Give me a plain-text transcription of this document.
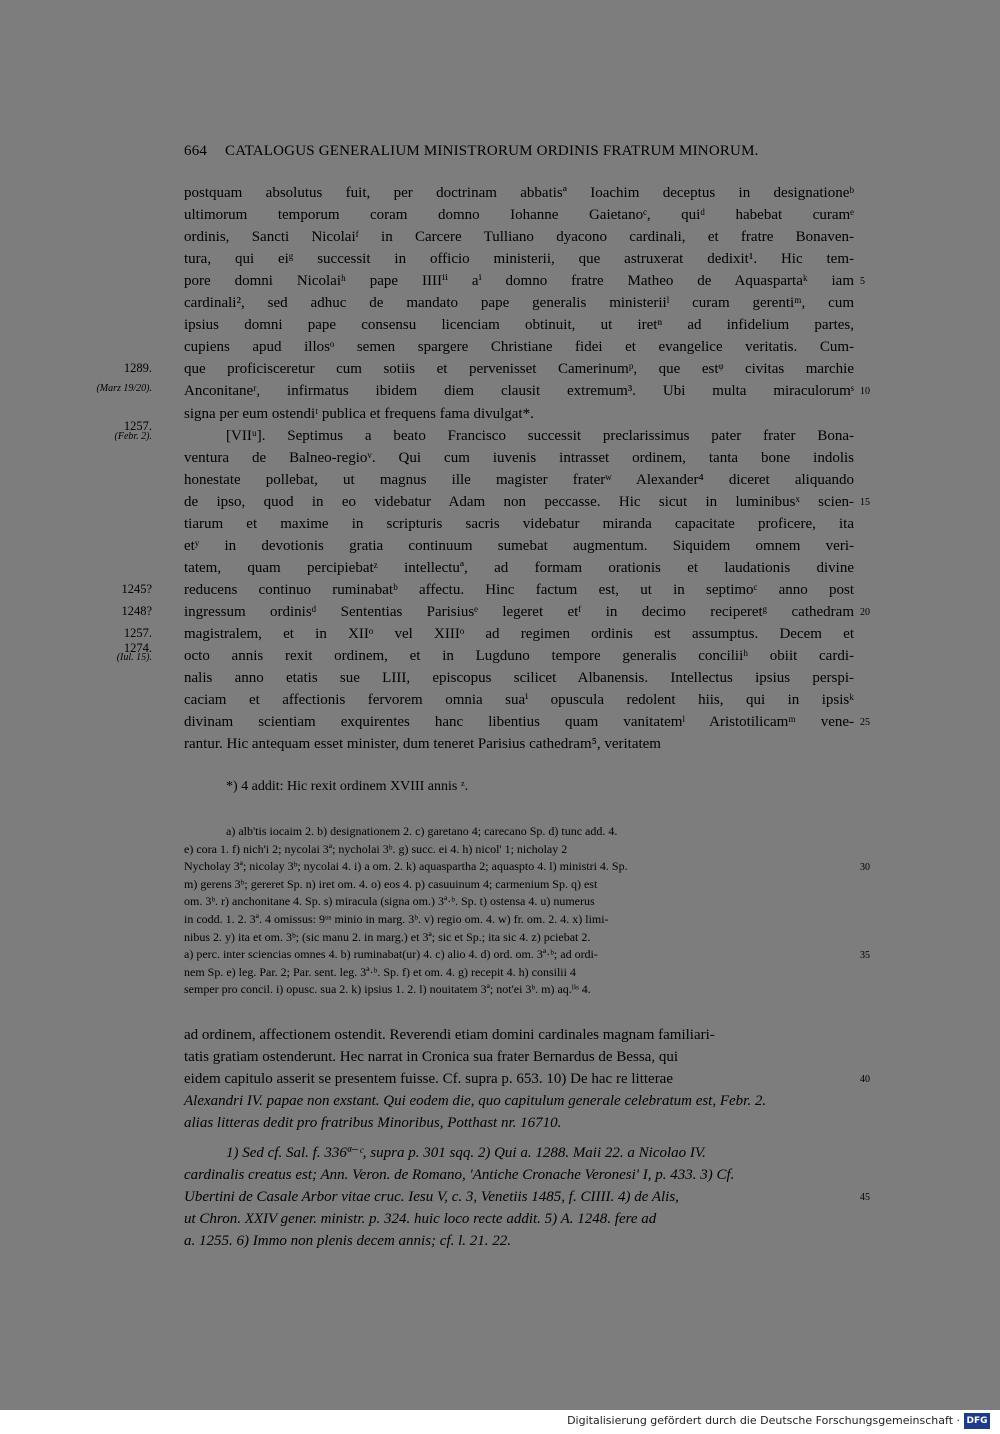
664 CATALOGUS GENERALIUM MINISTRORUM ORDINIS FRATRUM MINORUM.
postquam absolutus fuit, per doctrinam abbatisª Ioachim deceptus in designationeᵇ
ultimorum temporum coram domno Iohanne Gaietanoᶜ, quiᵈ habebat curamᵉ
ordinis, Sancti Nicolaiᶠ in Carcere Tulliano dyacono cardinali, et fratre Bonaven-
tura, qui eiᵍ successit in officio ministerii, que astruxerat dedixit¹. Hic tem-
pore domni Nicolaiʰ pape IIIIⁱⁱ aⁱ domno fratre Matheo de Aquaspartaᵏ iam
cardinali², sed adhuc de mandato pape generalis ministeriiˡ curam gerentiᵐ, cum
ipsius domni pape consensu licenciam obtinuit, ut iretⁿ ad infidelium partes,
cupiens apud illosᵒ semen spargere Christiane fidei et evangelice veritatis. Cum-
que proficisceretur cum sotiis et pervenisset Camerinumᵖ, que estᵠ civitas marchie
Anconitaneʳ, infirmatus ibidem diem clausit extremum³. Ubi multa miraculorumˢ
signa per eum ostendiᵗ publica et frequens fama divulgat*.
[VIIᵘ]. Septimus a beato Francisco successit preclarissimus pater frater Bona-
ventura de Balneo-regioᵛ. Qui cum iuvenis intrasset ordinem, tanta bone indolis
honestate pollebat, ut magnus ille magister fraterʷ Alexander⁴ diceret aliquando
de ipso, quod in eo videbatur Adam non peccasse. Hic sicut in luminibusˣ scien-
tiarum et maxime in scripturis sacris videbatur miranda capacitate proficere, ita
etʸ in devotionis gratia continuum sumebat augmentum. Siquidem omnem veri-
tatem, quam percipiebatᶻ intellectuª, ad formam orationis et laudationis divine
reducens continuo ruminabatᵇ affectu. Hinc factum est, ut in septimoᶜ anno post
ingressum ordinisᵈ Sententias Parisiusᵉ legeret etᶠ in decimo reciperetᵍ cathedram
magistralem, et in XIIᵒ vel XIIIᵒ ad regimen ordinis est assumptus. Decem et
octo annis rexit ordinem, et in Lugduno tempore generalis conciliiʰ obiit cardi-
nalis anno etatis sue LIII, episcopus scilicet Albanensis. Intellectus ipsius perspi-
caciam et affectionis fervorem omnia suaⁱ opuscula redolent hiis, qui in ipsisᵏ
divinam scientiam exquirentes hanc libentius quam vanitatemˡ Aristotilicamᵐ vene-
rantur. Hic antequam esset minister, dum teneret Parisius cathedram⁵, veritatem
1289.
(Marz 19/20).
1257.
(Febr. 2).
1245?
1248?
1257.
1274.
(Iul. 15).
5
10
15
20
25
*) 4 addit: Hic rexit ordinem XVIII annis ᶻ.
a) alb'tis iocaim 2. b) designationem 2. c) garetano 4; carecano Sp. d) tunc add. 4.
e) cora 1. f) nich'i 2; nycolai 3ª; nycholai 3ᵇ. g) succ. ei 4. h) nicol' 1; nicholay 2
Nycholay 3ª; nicolay 3ᵇ; nycolai 4. i) a om. 2. k) aquaspartha 2; aquaspto 4. l) ministri 4. Sp.
m) gerens 3ᵇ; gereret Sp. n) iret om. 4. o) eos 4. p) casuuinum 4; carmenium Sp. q) est
om. 3ᵇ. r) anchonitane 4. Sp. s) miracula (signa om.) 3ª·ᵇ. Sp. t) ostensa 4. u) numerus
in codd. 1. 2. 3ª. 4 omissus: 9ᵘˢ minio in marg. 3ᵇ. v) regio om. 4. w) fr. om. 2. 4. x) limi-
nibus 2. y) ita et om. 3ᵇ; (sic manu 2. in marg.) et 3ª; sic et Sp.; ita sic 4. z) pciebat 2.
a) perc. inter sciencias omnes 4. b) ruminabat(ur) 4. c) alio 4. d) ord. om. 3ª·ᵇ; ad ordi-
nem Sp. e) leg. Par. 2; Par. sent. leg. 3ª·ᵇ. Sp. f) et om. 4. g) recepit 4. h) consilii 4
semper pro concil. i) opusc. sua 2. k) ipsius 1. 2. l) nouitatem 3ª; not'ei 3ᵇ. m) aq.ˡⁱˢ 4.
30
35
ad ordinem, affectionem ostendit. Reverendi etiam domini cardinales magnam familiari-
tatis gratiam ostenderunt. Hec narrat in Cronica sua frater Bernardus de Bessa, qui
eidem capitulo asserit se presentem fuisse. Cf. supra p. 653. 10) De hac re litterae
Alexandri IV. papae non exstant. Qui eodem die, quo capitulum generale celebratum est, Febr. 2.
alias litteras dedit pro fratribus Minoribus, Potthast nr. 16710.
1) Sed cf. Sal. f. 336ª⁻ᶜ, supra p. 301 sqq. 2) Qui a. 1288. Maii 22. a Nicolao IV.
cardinalis creatus est; Ann. Veron. de Romano, 'Antiche Cronache Veronesi' I, p. 433. 3) Cf.
Ubertini de Casale Arbor vitae cruc. Iesu V, c. 3, Venetiis 1485, f. CIIII. 4) de Alis,
ut Chron. XXIV gener. ministr. p. 324. huic loco recte addit. 5) A. 1248. fere ad
a. 1255. 6) Immo non plenis decem annis; cf. l. 21. 22.
40
45
Digitalisierung gefördert durch die Deutsche Forschungsgemeinschaft · DFG
